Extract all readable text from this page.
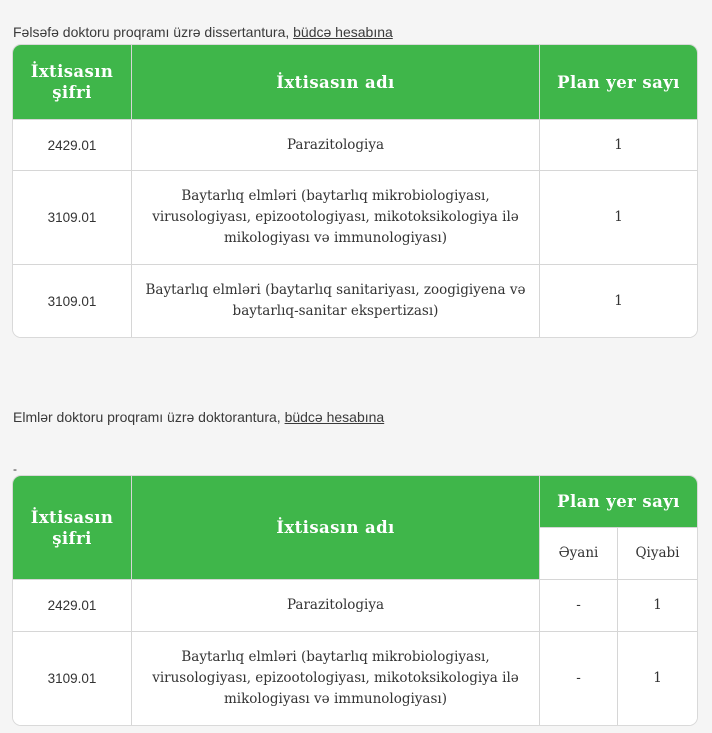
Fəlsəfə doktoru proqramı üzrə dissertantura, büdcə hesabına
İxtisasın şifri	İxtisasın adı	Plan yer sayı
2429.01	Parazitologiya	1
3109.01	Baytarlıq elmləri (baytarlıq mikrobiologiyası, virusologiyası, epizootologiyası, mikotoksikologiya ilə mikologiyası və immunologiyası)	1
3109.01	Baytarlıq elmləri (baytarlıq sanitariyası, zoogigiyena və baytarlıq-sanitar ekspertizası)	1
Elmlər doktoru proqramı üzrə doktorantura, büdcə hesabına
-
İxtisasın şifri	İxtisasın adı	Plan yer sayı	
		Əyani	Qiyabi
2429.01	Parazitologiya	-	1
3109.01	Baytarlıq elmləri (baytarlıq mikrobiologiyası, virusologiyası, epizootologiyası, mikotoksikologiya ilə mikologiyası və immunologiyası)	-	1
